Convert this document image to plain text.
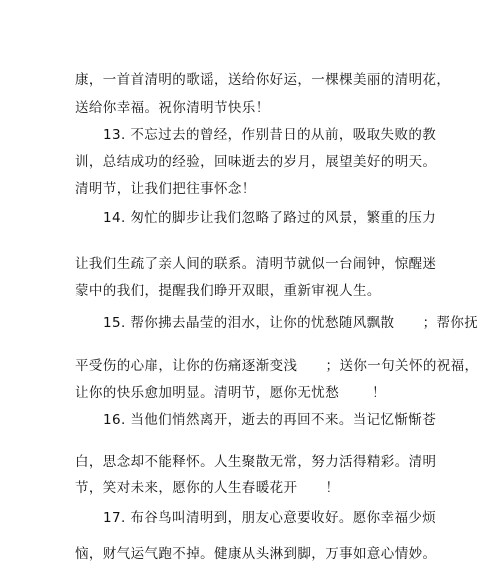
康，一首首清明的歌谣，送给你好运，一棵棵美丽的清明花，
送给你幸福。祝你清明节快乐！
13. 不忘过去的曾经，作别昔日的从前，吸取失败的教
训，总结成功的经验，回味逝去的岁月，展望美好的明天。
清明节，让我们把往事怀念！
14. 匆忙的脚步让我们忽略了路过的风景，繁重的压力
让我们生疏了亲人间的联系。清明节就似一台闹钟，惊醒迷
蒙中的我们，提醒我们睁开双眼，重新审视人生。
15. 帮你拂去晶莹的泪水，让你的忧愁随风飘散      ；帮你抚
平受伤的心扉，让你的伤痛逐渐变浅      ；送你一句关怀的祝福，
让你的快乐愈加明显。清明节，愿你无忧愁       ！
16. 当他们悄然离开，逝去的再回不来。当记忆惭惭苍
白，思念却不能释怀。人生聚散无常，努力活得精彩。清明
节，笑对未来，愿你的人生春暖花开      ！
17. 布谷鸟叫清明到，朋友心意要收好。愿你幸福少烦
恼，财气运气跑不掉。健康从头淋到脚，万事如意心情妙。
